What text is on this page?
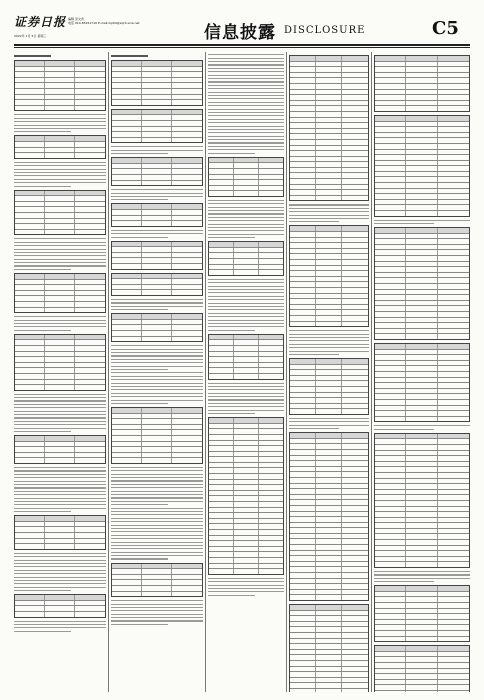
证券日报 编辑 吴文育
电话 010-83251716 E-mail:zqrb9@zqrb.sina.net
2022年 1月 5日 星期三	信息披露 DISCLOSURE	C5
